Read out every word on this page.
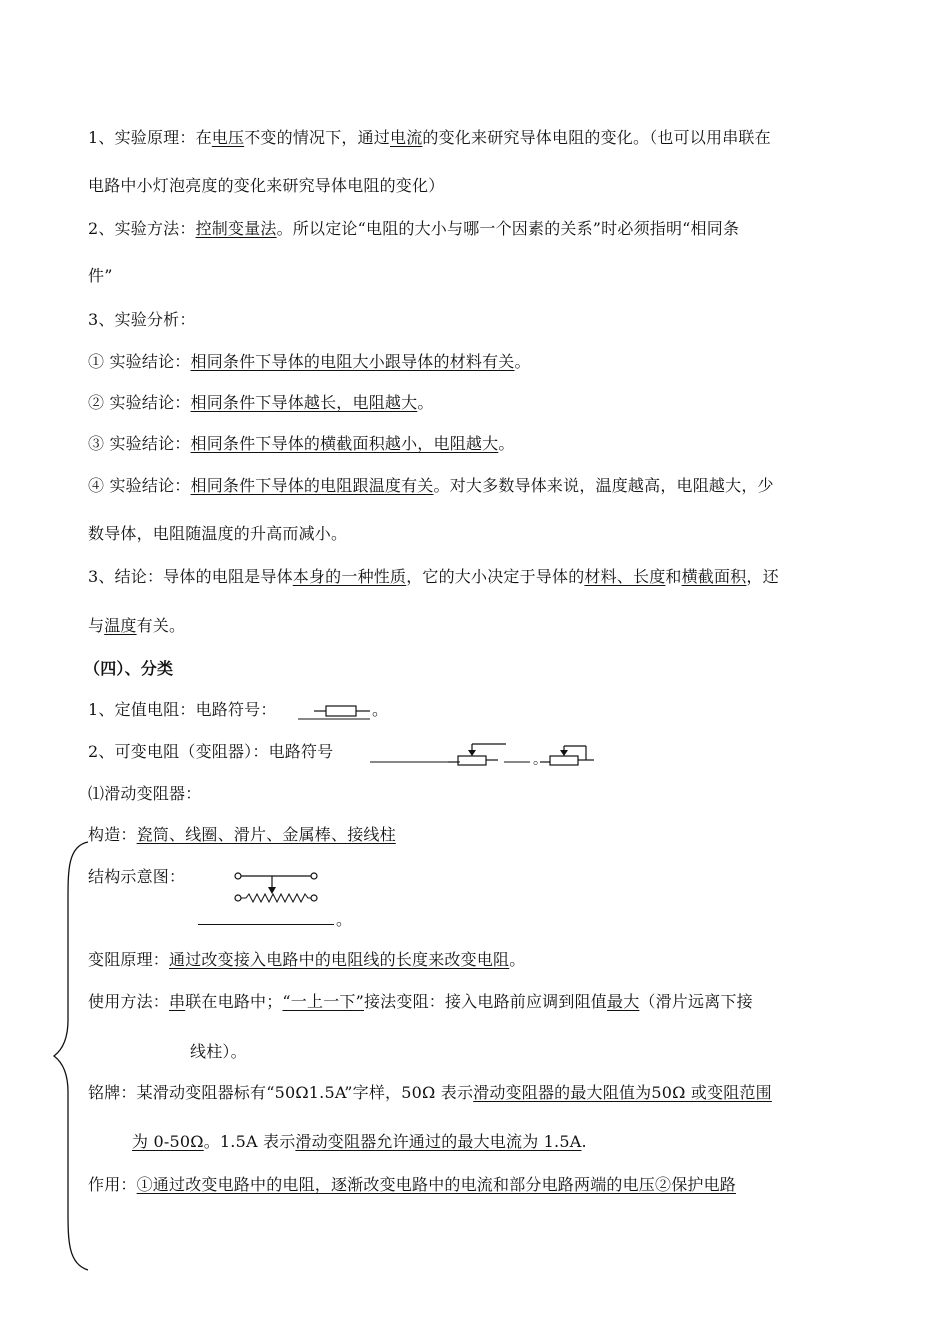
1、实验原理：在电压不变的情况下，通过电流的变化来研究导体电阻的变化。（也可以用串联在
电路中小灯泡亮度的变化来研究导体电阻的变化）
2、实验方法：控制变量法。所以定论“电阻的大小与哪一个因素的关系”时必须指明“相同条
件”
3、实验分析：
① 实验结论：相同条件下导体的电阻大小跟导体的材料有关。
② 实验结论：相同条件下导体越长，电阻越大。
③ 实验结论：相同条件下导体的横截面积越小，电阻越大。
④ 实验结论：相同条件下导体的电阻跟温度有关。对大多数导体来说，温度越高，电阻越大，少
数导体，电阻随温度的升高而减小。
3、结论：导体的电阻是导体本身的一种性质，它的大小决定于导体的材料、长度和横截面积，还
与温度有关。
（四）、分类
1、定值电阻：电路符号：	。
2、可变电阻（变阻器）：电路符号	。
⑴滑动变阻器：
构造：瓷筒、线圈、滑片、金属棒、接线柱
结构示意图：
。
变阻原理：通过改变接入电路中的电阻线的长度来改变电阻。
使用方法：串联在电路中；“一上一下”接法变阻：接入电路前应调到阻值最大（滑片远离下接
线柱）。
铭牌：某滑动变阻器标有“50Ω1.5A”字样，50Ω 表示滑动变阻器的最大阻值为50Ω 或变阻范围
为 0-50Ω。1.5A 表示滑动变阻器允许通过的最大电流为 1.5A.
作用：①通过改变电路中的电阻，逐渐改变电路中的电流和部分电路两端的电压②保护电路
